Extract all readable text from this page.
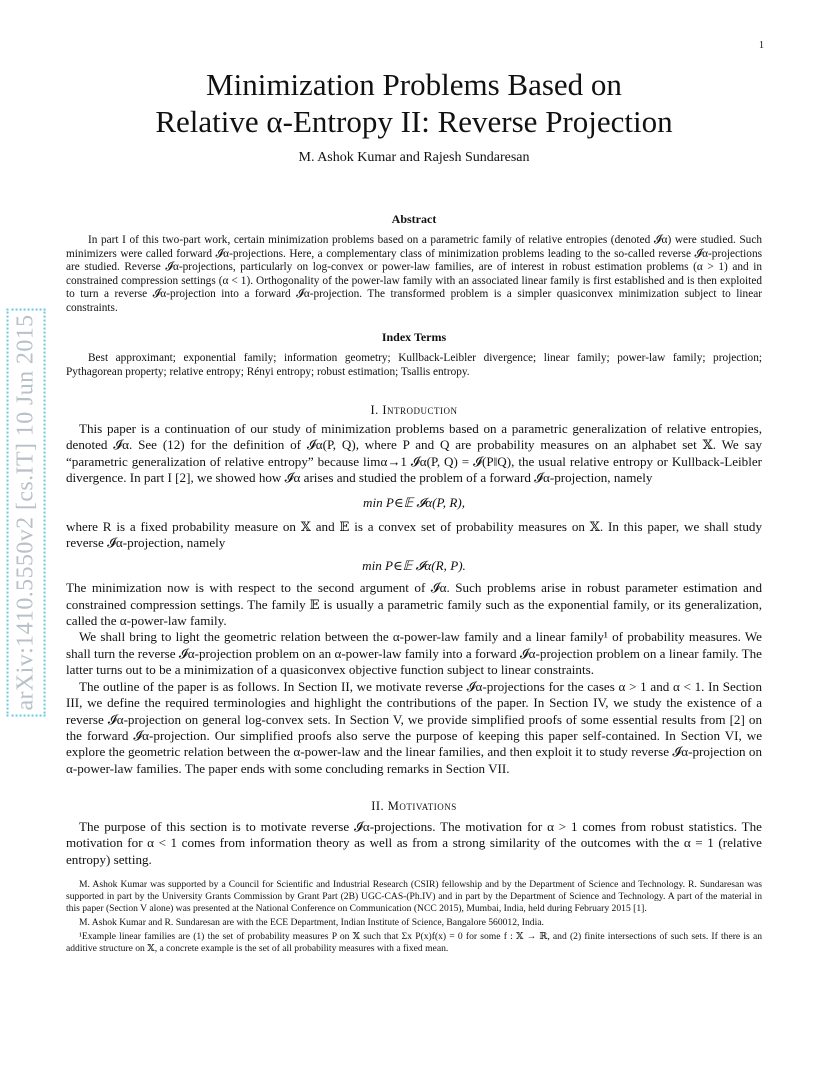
1
arXiv:1410.5550v2 [cs.IT] 10 Jun 2015
Minimization Problems Based on
Relative α-Entropy II: Reverse Projection
M. Ashok Kumar and Rajesh Sundaresan
Abstract
In part I of this two-part work, certain minimization problems based on a parametric family of relative entropies (denoted 𝓘α) were studied. Such minimizers were called forward 𝓘α-projections. Here, a complementary class of minimization problems leading to the so-called reverse 𝓘α-projections are studied. Reverse 𝓘α-projections, particularly on log-convex or power-law families, are of interest in robust estimation problems (α > 1) and in constrained compression settings (α < 1). Orthogonality of the power-law family with an associated linear family is first established and is then exploited to turn a reverse 𝓘α-projection into a forward 𝓘α-projection. The transformed problem is a simpler quasiconvex minimization subject to linear constraints.
Index Terms
Best approximant; exponential family; information geometry; Kullback-Leibler divergence; linear family; power-law family; projection; Pythagorean property; relative entropy; Rényi entropy; robust estimation; Tsallis entropy.
I. Introduction

This paper is a continuation of our study of minimization problems based on a parametric generalization of relative entropies, denoted 𝓘α. See (12) for the definition of 𝓘α(P, Q), where P and Q are probability measures on an alphabet set 𝕏. We say “parametric generalization of relative entropy” because limα→1 𝓘α(P, Q) = 𝓘(P‖Q), the usual relative entropy or Kullback-Leibler divergence. In part I [2], we showed how 𝓘α arises and studied the problem of a forward 𝓘α-projection, namely

min P∈𝔼 𝓘α(P, R),

where R is a fixed probability measure on 𝕏 and 𝔼 is a convex set of probability measures on 𝕏. In this paper, we shall study reverse 𝓘α-projection, namely

min P∈𝔼 𝓘α(R, P).

The minimization now is with respect to the second argument of 𝓘α. Such problems arise in robust parameter estimation and constrained compression settings. The family 𝔼 is usually a parametric family such as the exponential family, or its generalization, called the α-power-law family.

We shall bring to light the geometric relation between the α-power-law family and a linear family¹ of probability measures. We shall turn the reverse 𝓘α-projection problem on an α-power-law family into a forward 𝓘α-projection problem on a linear family. The latter turns out to be a minimization of a quasiconvex objective function subject to linear constraints.

The outline of the paper is as follows. In Section II, we motivate reverse 𝓘α-projections for the cases α > 1 and α < 1. In Section III, we define the required terminologies and highlight the contributions of the paper. In Section IV, we study the existence of a reverse 𝓘α-projection on general log-convex sets. In Section V, we provide simplified proofs of some essential results from [2] on the forward 𝓘α-projection. Our simplified proofs also serve the purpose of keeping this paper self-contained. In Section VI, we explore the geometric relation between the α-power-law and the linear families, and then exploit it to study reverse 𝓘α-projection on α-power-law families. The paper ends with some concluding remarks in Section VII.

II. Motivations

The purpose of this section is to motivate reverse 𝓘α-projections. The motivation for α > 1 comes from robust statistics. The motivation for α < 1 comes from information theory as well as from a strong similarity of the outcomes with the α = 1 (relative entropy) setting.

M. Ashok Kumar was supported by a Council for Scientific and Industrial Research (CSIR) fellowship and by the Department of Science and Technology. R. Sundaresan was supported in part by the University Grants Commission by Grant Part (2B) UGC-CAS-(Ph.IV) and in part by the Department of Science and Technology. A part of the material in this paper (Section V alone) was presented at the National Conference on Communication (NCC 2015), Mumbai, India, held during February 2015 [1].

M. Ashok Kumar and R. Sundaresan are with the ECE Department, Indian Institute of Science, Bangalore 560012, India.

¹Example linear families are (1) the set of probability measures P on 𝕏 such that Σx P(x)f(x) = 0 for some f : 𝕏 → ℝ, and (2) finite intersections of such sets. If there is an additive structure on 𝕏, a concrete example is the set of all probability measures with a fixed mean.
